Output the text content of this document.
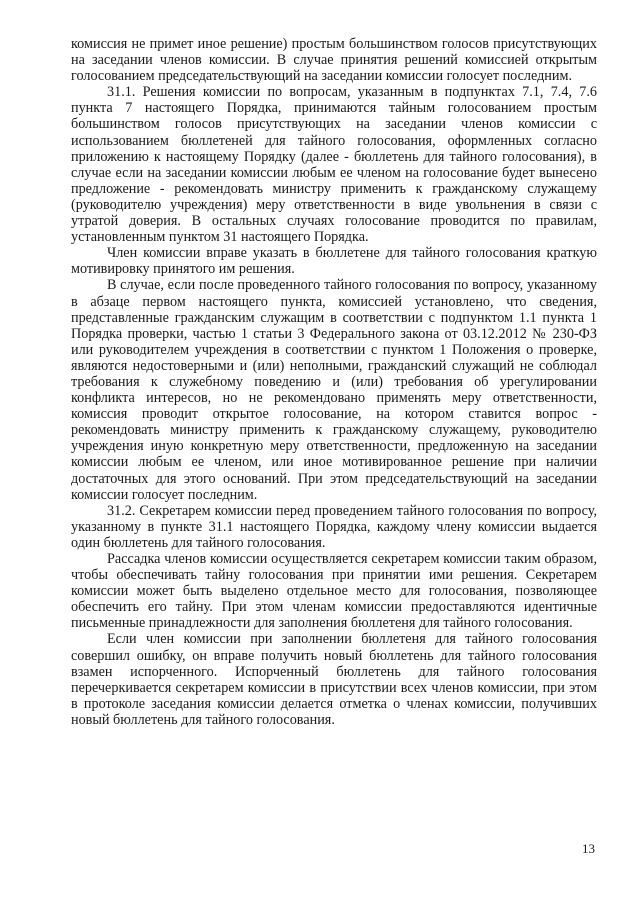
комиссия не примет иное решение) простым большинством голосов присутствующих на заседании членов комиссии. В случае принятия решений комиссией открытым голосованием председательствующий на заседании комиссии голосует последним.

31.1. Решения комиссии по вопросам, указанным в подпунктах 7.1, 7.4, 7.6 пункта 7 настоящего Порядка, принимаются тайным голосованием простым большинством голосов присутствующих на заседании членов комиссии с использованием бюллетеней для тайного голосования, оформленных согласно приложению к настоящему Порядку (далее - бюллетень для тайного голосования), в случае если на заседании комиссии любым ее членом на голосование будет вынесено предложение - рекомендовать министру применить к гражданскому служащему (руководителю учреждения) меру ответственности в виде увольнения в связи с утратой доверия. В остальных случаях голосование проводится по правилам, установленным пунктом 31 настоящего Порядка.

Член комиссии вправе указать в бюллетене для тайного голосования краткую мотивировку принятого им решения.

В случае, если после проведенного тайного голосования по вопросу, указанному в абзаце первом настоящего пункта, комиссией установлено, что сведения, представленные гражданским служащим в соответствии с подпунктом 1.1 пункта 1 Порядка проверки, частью 1 статьи 3 Федерального закона от 03.12.2012 № 230-ФЗ или руководителем учреждения в соответствии с пунктом 1 Положения о проверке, являются недостоверными и (или) неполными, гражданский служащий не соблюдал требования к служебному поведению и (или) требования об урегулировании конфликта интересов, но не рекомендовано применять меру ответственности, комиссия проводит открытое голосование, на котором ставится вопрос - рекомендовать министру применить к гражданскому служащему, руководителю учреждения иную конкретную меру ответственности, предложенную на заседании комиссии любым ее членом, или иное мотивированное решение при наличии достаточных для этого оснований. При этом председательствующий на заседании комиссии голосует последним.

31.2. Секретарем комиссии перед проведением тайного голосования по вопросу, указанному в пункте 31.1 настоящего Порядка, каждому члену комиссии выдается один бюллетень для тайного голосования.

Рассадка членов комиссии осуществляется секретарем комиссии таким образом, чтобы обеспечивать тайну голосования при принятии ими решения. Секретарем комиссии может быть выделено отдельное место для голосования, позволяющее обеспечить его тайну. При этом членам комиссии предоставляются идентичные письменные принадлежности для заполнения бюллетеня для тайного голосования.

Если член комиссии при заполнении бюллетеня для тайного голосования совершил ошибку, он вправе получить новый бюллетень для тайного голосования взамен испорченного. Испорченный бюллетень для тайного голосования перечеркивается секретарем комиссии в присутствии всех членов комиссии, при этом в протоколе заседания комиссии делается отметка о членах комиссии, получивших новый бюллетень для тайного голосования.

13
